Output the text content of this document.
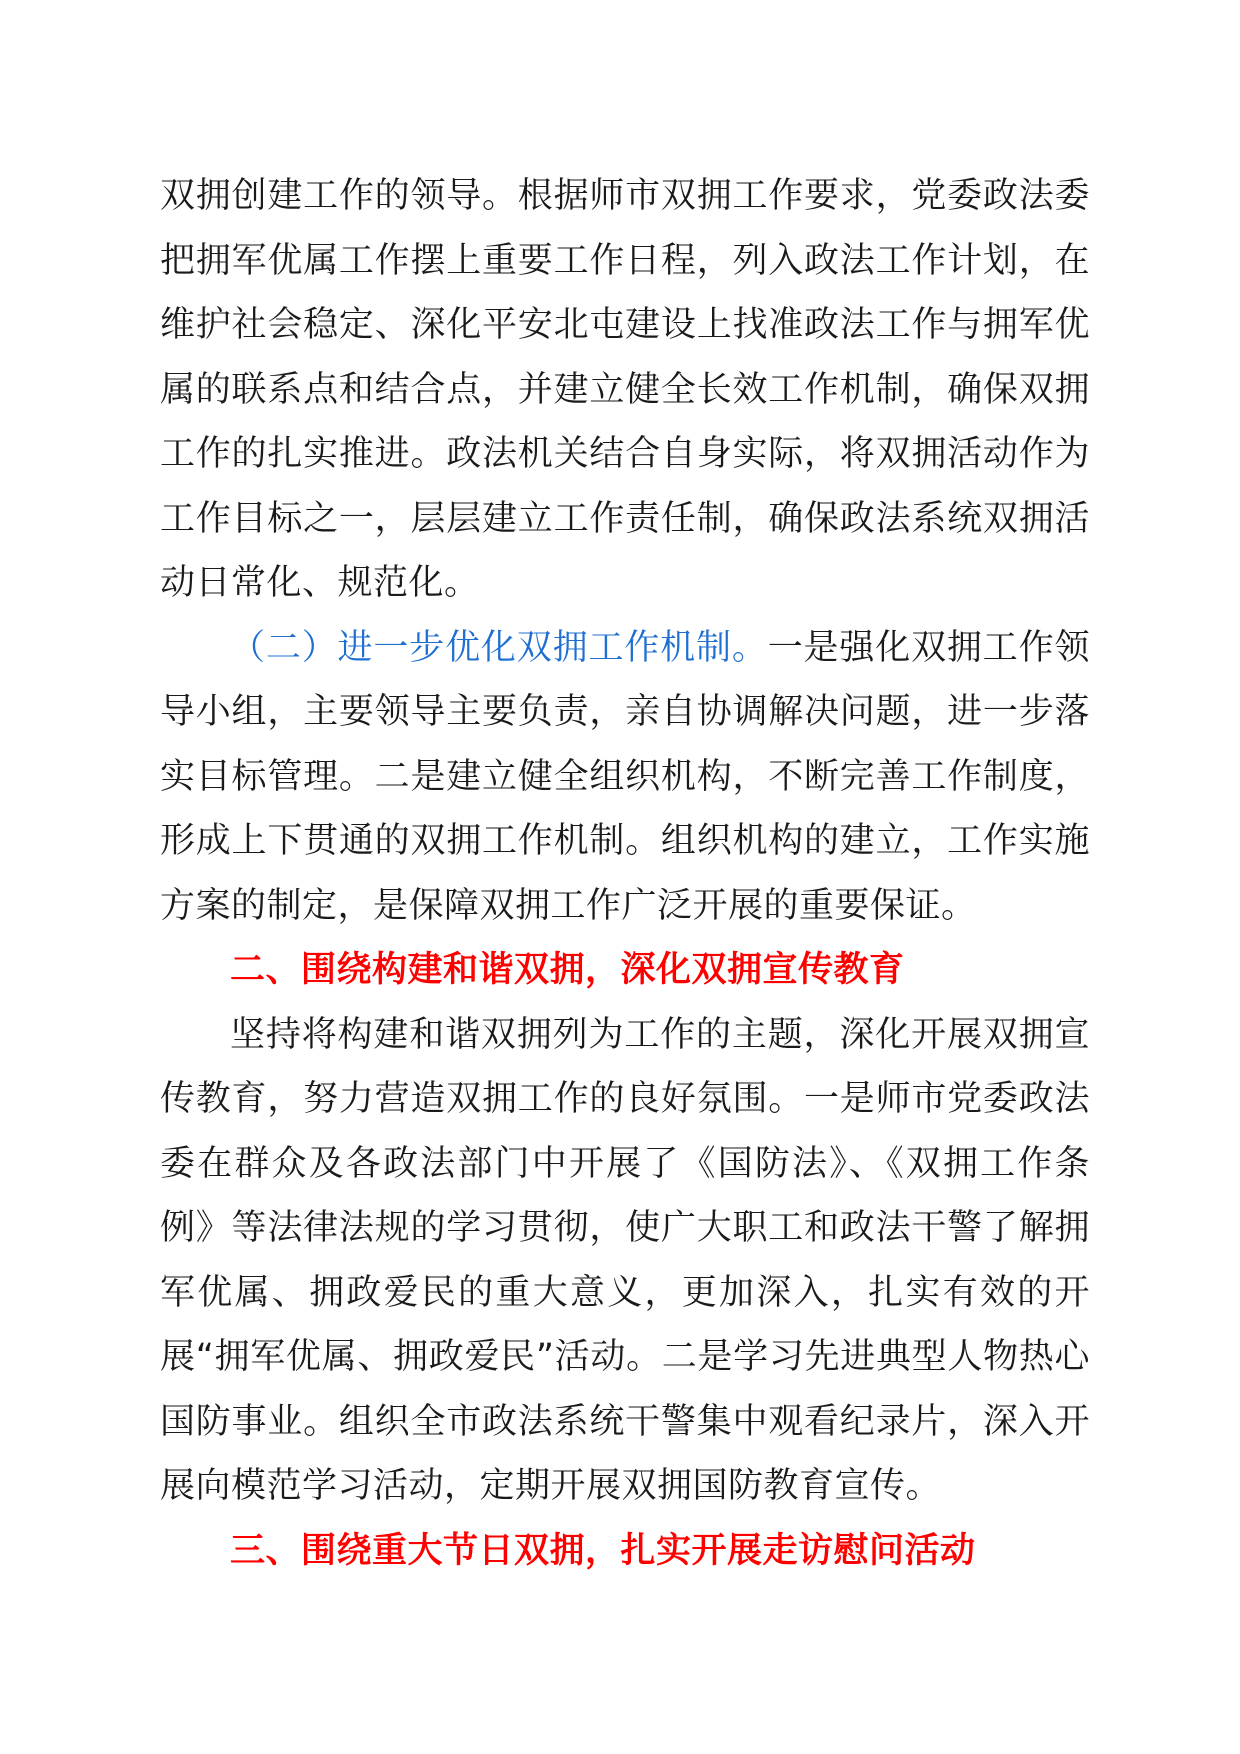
双拥创建工作的领导。根据师市双拥工作要求，党委政法委把拥军优属工作摆上重要工作日程，列入政法工作计划，在维护社会稳定、深化平安北屯建设上找准政法工作与拥军优属的联系点和结合点，并建立健全长效工作机制，确保双拥工作的扎实推进。政法机关结合自身实际，将双拥活动作为工作目标之一，层层建立工作责任制，确保政法系统双拥活动日常化、规范化。

（二）进一步优化双拥工作机制。一是强化双拥工作领导小组，主要领导主要负责，亲自协调解决问题，进一步落实目标管理。二是建立健全组织机构，不断完善工作制度，形成上下贯通的双拥工作机制。组织机构的建立，工作实施方案的制定，是保障双拥工作广泛开展的重要保证。

二、围绕构建和谐双拥，深化双拥宣传教育

坚持将构建和谐双拥列为工作的主题，深化开展双拥宣传教育，努力营造双拥工作的良好氛围。一是师市党委政法委在群众及各政法部门中开展了《国防法》、《双拥工作条例》等法律法规的学习贯彻，使广大职工和政法干警了解拥军优属、拥政爱民的重大意义，更加深入，扎实有效的开展“拥军优属、拥政爱民”活动。二是学习先进典型人物热心国防事业。组织全市政法系统干警集中观看纪录片，深入开展向模范学习活动，定期开展双拥国防教育宣传。

三、围绕重大节日双拥，扎实开展走访慰问活动
